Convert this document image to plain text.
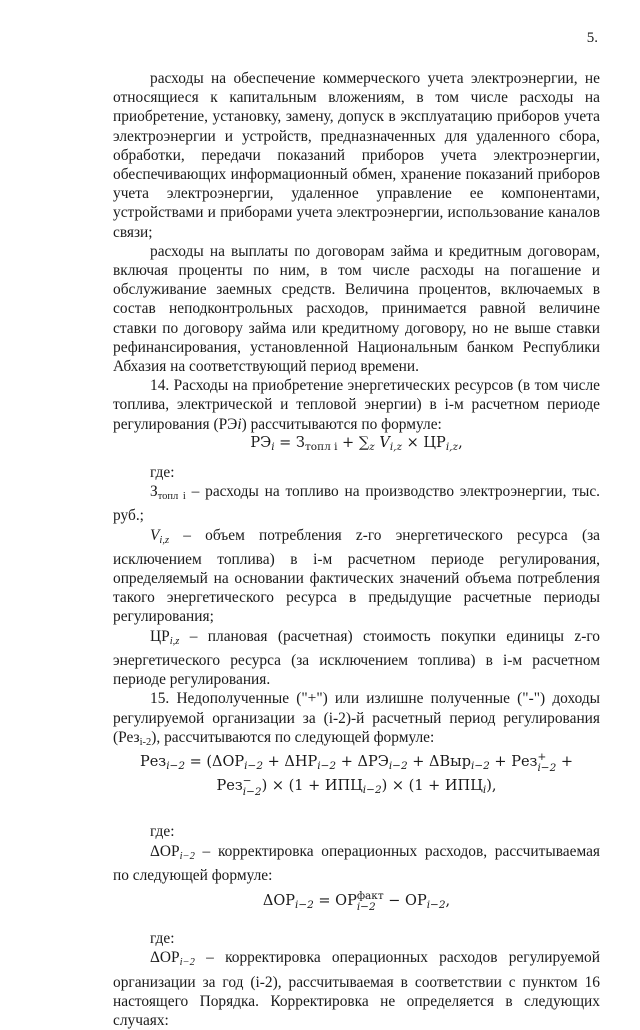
5.

расходы на обеспечение коммерческого учета электроэнергии, не относящиеся к капитальным вложениям, в том числе расходы на приобретение, установку, замену, допуск в эксплуатацию приборов учета электроэнергии и устройств, предназначенных для удаленного сбора, обработки, передачи показаний приборов учета электроэнергии, обеспечивающих информационный обмен, хранение показаний приборов учета электроэнергии, удаленное управление ее компонентами, устройствами и приборами учета электроэнергии, использование каналов связи;

расходы на выплаты по договорам займа и кредитным договорам, включая проценты по ним, в том числе расходы на погашение и обслуживание заемных средств. Величина процентов, включаемых в состав неподконтрольных расходов, принимается равной величине ставки по договору займа или кредитному договору, но не выше ставки рефинансирования, установленной Национальным банком Республики Абхазия на соответствующий период времени.

14. Расходы на приобретение энергетических ресурсов (в том числе топлива, электрической и тепловой энергии) в i-м расчетном периоде регулирования (РЭi) рассчитываются по формуле:

$РЭ_i = З_{топл i} + \sum_z$ $V_{i,z} \times ЦР_{i,z}$,

где:

$З_{топл i}$ – расходы на топливо на производство электроэнергии, тыс. руб.;

$V_{i,z}$ – объем потребления z-го энергетического ресурса (за исключением топлива) в i-м расчетном периоде регулирования, определяемый на основании фактических значений объема потребления такого энергетического ресурса в предыдущие расчетные периоды регулирования;

$ЦР_{i,z}$ – плановая (расчетная) стоимость покупки единицы z-го энергетического ресурса (за исключением топлива) в i-м расчетном периоде регулирования.

15. Недополученные ("+") или излишне полученные ("-") доходы регулируемой организации за (i-2)-й расчетный период регулирования (Рез$_{i-2}$), рассчитываются по следующей формуле:

$Рез_{i-2} = (\Delta ОР_{i-2} + \Delta НР_{i-2} + \Delta РЭ_{i-2} + \Delta Выр_{i-2} + Рез+$
i−2 +

Рез−
$i-2) \times (1 + ИПЦ_{i-2}) \times (1 + ИПЦ_i)$,

где:

$\Delta ОР_{i-2}$ – корректировка операционных расходов, рассчитываемая по следующей формуле:

$\Delta ОР_{i-2}$ = ОРфакт
$i-2 - ОР_{i-2}$,

где:

$\Delta ОР_{i-2}$ – корректировка операционных расходов регулируемой организации за год (i-2), рассчитываемая в соответствии с пунктом 16 настоящего Порядка. Корректировка не определяется в следующих случаях:
